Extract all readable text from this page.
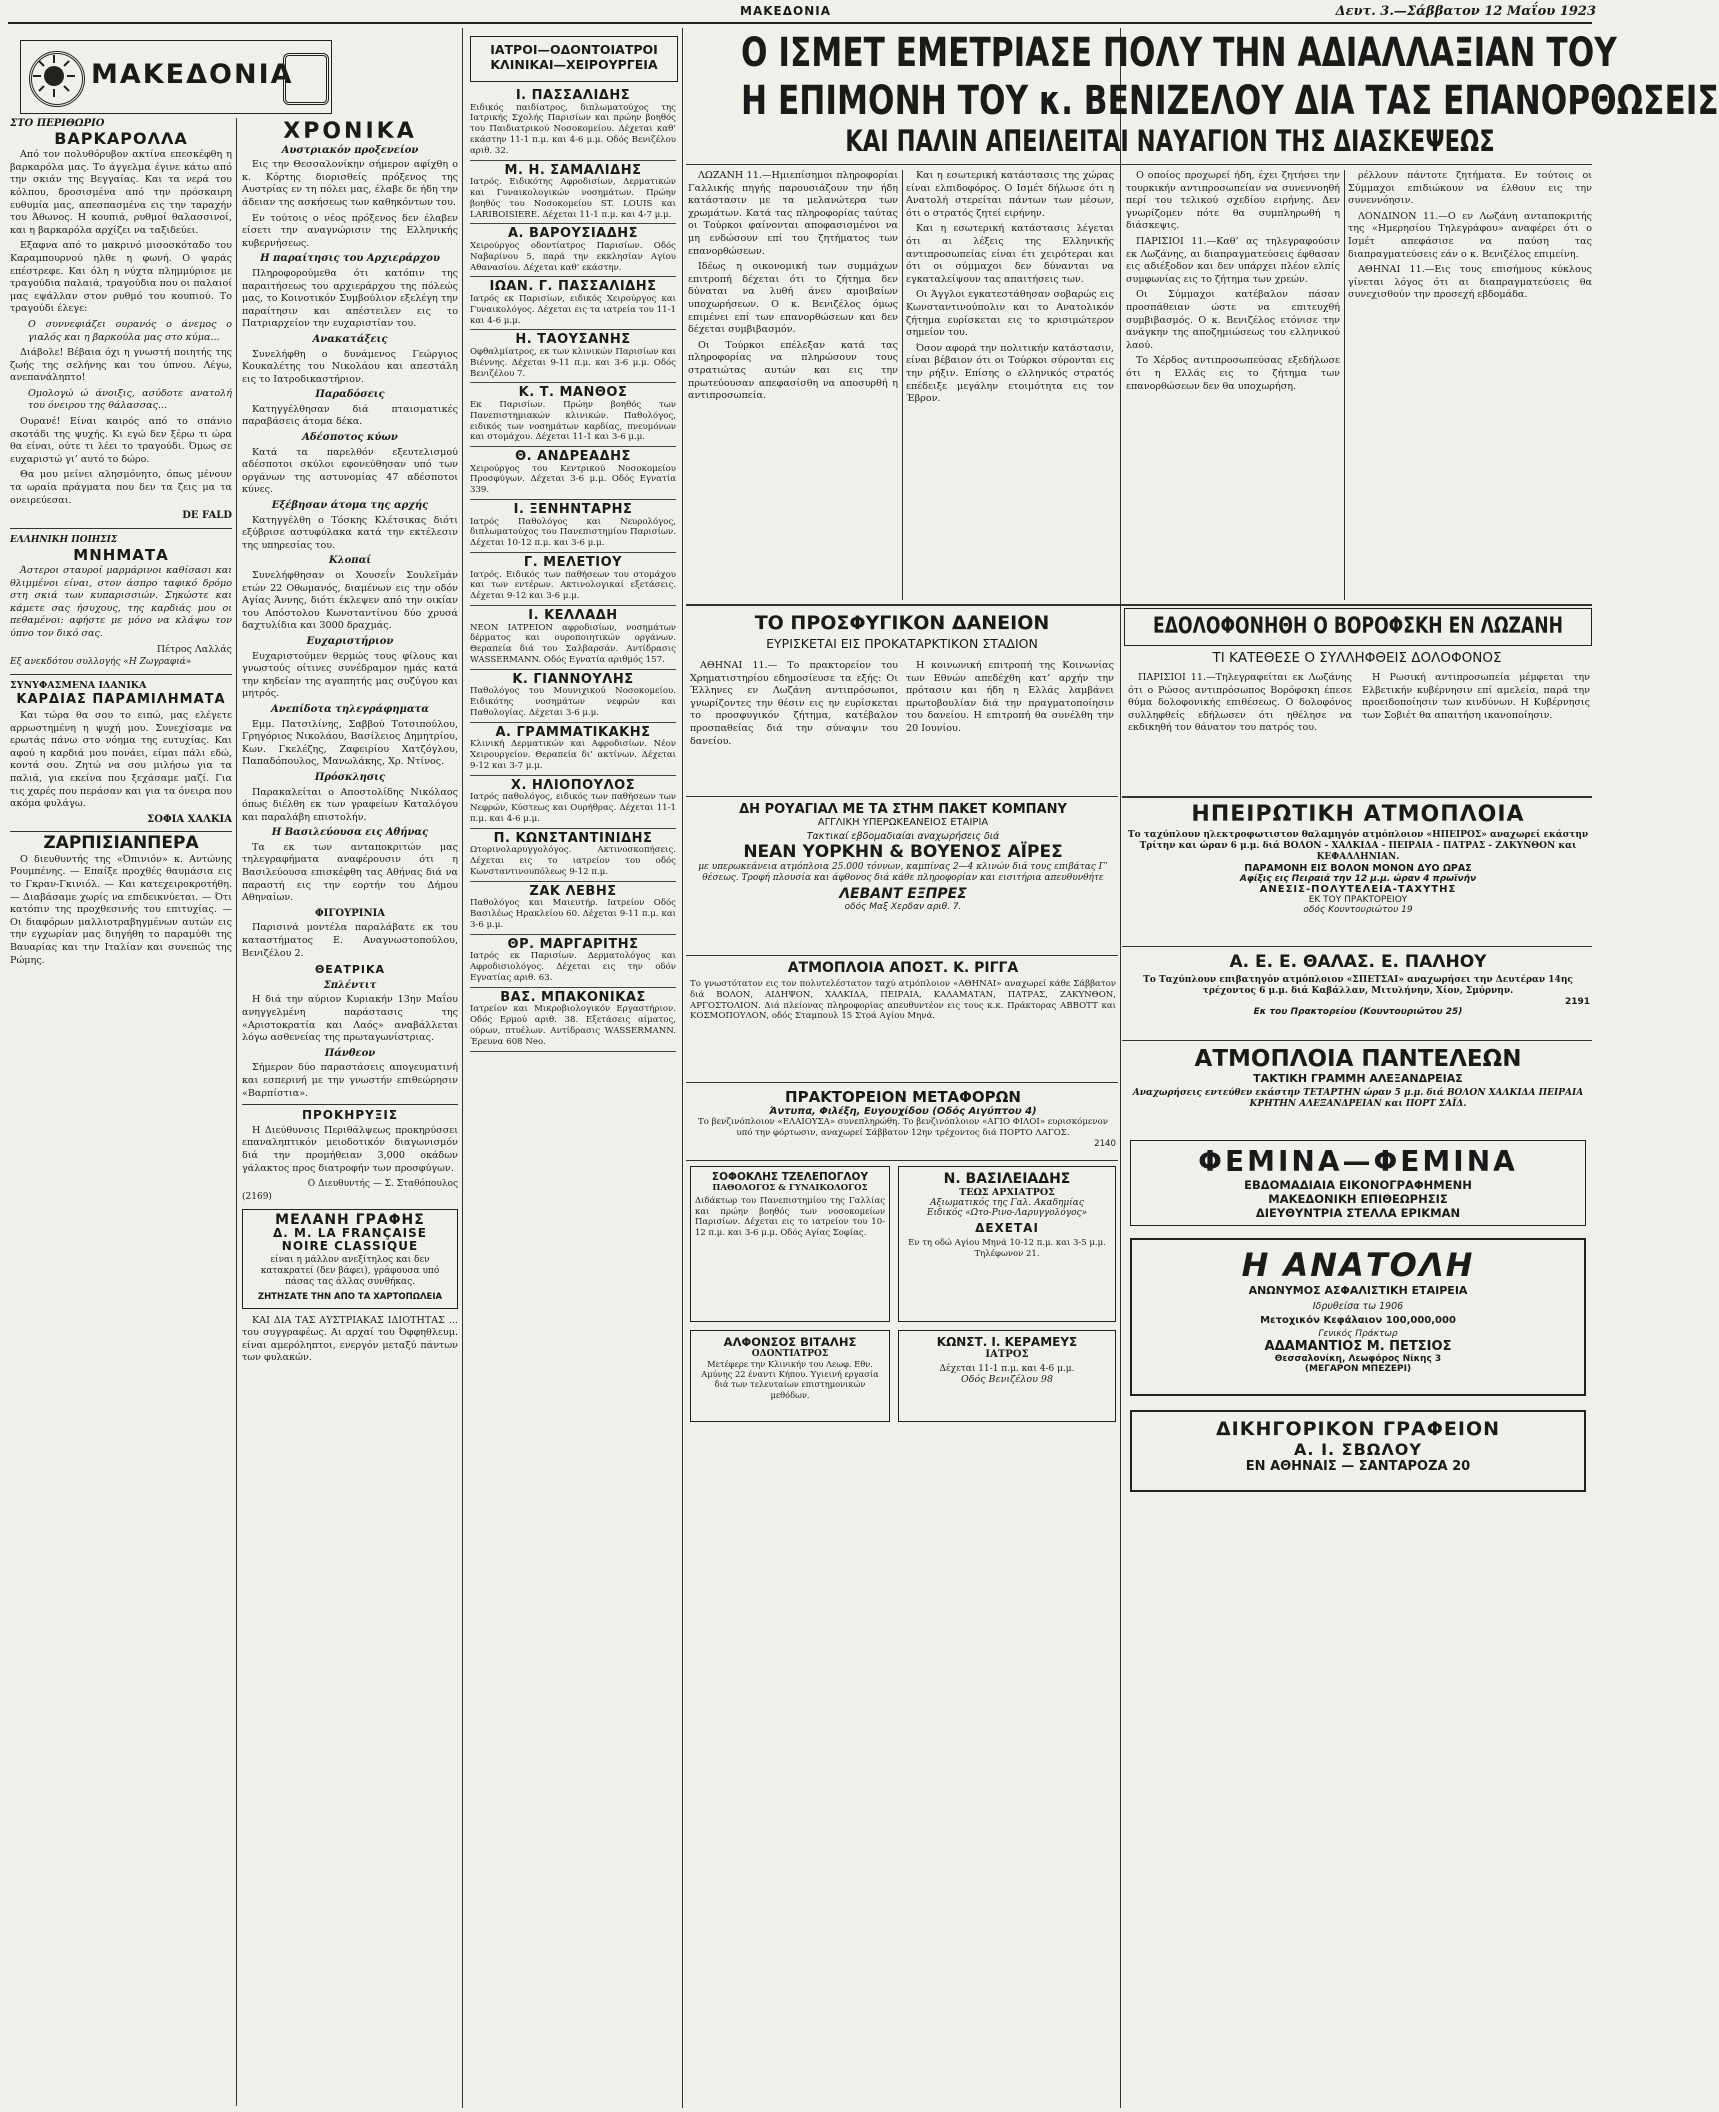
ΜΑΚΕΔΟΝΙΑ	Δευτ. 3.—Σάββατον 12 Μαΐου 1923
ΜΑΚΕΔΟΝΙΑ
ΣΤΟ ΠΕΡΙΘΩΡΙΟ
ΒΑΡΚΑΡΟΛΛΑ

Από τον πολυθόρυβον ακτίνα επεσκέφθη η βαρκαρόλα μας. Το άγγελμα έγινε κάτω από την σκιάν της Βεγγαίας. Και τα νερά του κόλπου, δροσισμένα από την πρόσκαιρη ευθυμία μας, απεσπασμένα εις την ταραχήν του Άθωνος. Η κουπιά, ρυθμοί θαλασσινοί, και η βαρκαρόλα αρχίζει να ταξιδεύει.

Εξαφνα από το μακρινό μισοσκόταδο του Καραμπουρνού ηλθε η φωνή. Ο ψαράς επέστρεφε. Και όλη η νύχτα πλημμύρισε με τραγούδια παλαιά, τραγούδια που οι παλαιοί μας εψάλλαν στον ρυθμό του κουπιού. Το τραγούδι έλεγε:

Ο συννεφιάζει ουρανός ο άνεμος ο γιαλός και η βαρκούλα μας στο κύμα...

Διάβολε! Βέβαια όχι η γνωστή ποιητής της ζωής της σελήνης και του ύπνου. Λέγω, ανεπανάληπτο!

Ομολογώ ώ άνοιξις, ασύδοτε ανατολή του όνειρου της θάλασσας...

Ουρανέ! Είναι καιρός από το σπάνιο σκοτάδι της ψυχής. Κι εγώ δεν ξέρω τι ώρα θα είναι, ούτε τι λέει το τραγούδι. Όμως σε ευχαριστώ γι’ αυτό το δώρο.

Θα μου μείνει αλησμόνητο, όπως μένουν τα ωραία πράγματα που δεν τα ζεις μα τα ονειρεύεσαι.

DE FALD
ΕΛΛΗΝΙΚΗ ΠΟΙΗΣΙΣ
ΜΝΗΜΑΤΑ

Άστεροι σταυροί μαρμάρινοι καθίσασι και θλιμμένοι είναι, στον άσπρο ταφικό δρόμο στη σκιά των κυπαρισσιών. Σηκώστε και κάμετε σας ήσυχους, της καρδιάς μου οι πεθαμένοι: αφήστε με μόνο να κλάψω τον ύπνο τον δικό σας.

Πέτρος Λαλλάς
Εξ ανεκδότου συλλογής «Η Ζωγραφιά»
ΣΥΝΥΦΑΣΜΕΝΑ ΙΔΑΝΙΚΑ
ΚΑΡΔΙΑΣ ΠΑΡΑΜΙΛΗΜΑΤΑ

Και τώρα θα σου το ειπώ, μας ελέγετε αρρωστημένη η ψυχή μου. Συνεχίσαμε να ερωτάς πάνω στο νόημα της ευτυχίας. Και αφού η καρδιά μου πονάει, είμαι πάλι εδώ, κοντά σου. Ζητώ να σου μιλήσω για τα παλιά, για εκείνα που ξεχάσαμε μαζί. Για τις χαρές που περάσαν και για τα όνειρα που ακόμα φυλάγω.

ΣΟΦΙΑ ΧΑΛΚΙΑ
ΖΑΡΠΙΣΙΑΝΠΕΡΑ

Ο διευθυντής της «Όπινιόν» κ. Αντώνης Ρουμπένης. — Επαίξε προχθές θαυμάσια εις το Γκραν-Γκινιόλ. — Και κατεχειροκροτήθη. — Διαβάσαμε χωρίς να επιδεικνύεται. — Ότι κατόπιν της προχθεσινής του επιτυχίας. — Οι διαφόρων μαλλιοτραβηγμένων αυτών εις την εγχωρίαν μας διηγήθη το παραμύθι της Βαυαρίας και την Ιταλίαν και συνεπώς της Ρώμης.

ΧΡΟΝΙΚΑ
Αυστριακόν προξενείον

Εις την Θεσσαλονίκην σήμερον αφίχθη ο κ. Κόρτης διορισθείς πρόξενος της Αυστρίας εν τη πόλει μας, έλαβε δε ήδη την άδειαν της ασκήσεως των καθηκόντων του.

Εν τούτοις ο νέος πρόξενος δεν έλαβεν είσετι την αναγνώρισιν της Ελληνικής κυβερνήσεως.

Η παραίτησις του Αρχιεράρχου

Πληροφορούμεθα ότι κατόπιν της παραιτήσεως του αρχιεράρχου της πόλεώς μας, το Κοινοτικόν Συμβούλιον εξελέγη την παραίτησιν και απέστειλεν εις το Πατριαρχείον την ευχαριστίαν του.

Ανακατάξεις

Συνελήφθη ο δυνάμενος Γεώργιος Κουκαλέτης του Νικολάου και απεστάλη εις το Ιατροδικαστήριον.

Παραδόσεις

Κατηγγέλθησαν διά πταισματικές παραβάσεις άτομα δέκα.

Αδέσποτος κύων

Κατά τα παρελθόν εξευτελισμού αδέσποτοι σκύλοι εφονεύθησαν υπό των οργάνων της αστυνομίας 47 αδέσποτοι κύνες.

Εξέβησαν άτομα της αρχής

Κατηγγέλθη ο Τόσκης Κλέτσικας διότι εξύβρισε αστυφύλακα κατά την εκτέλεσιν της υπηρεσίας του.

Κλοπαί

Συνελήφθησαν οι Χουσεΐν Σουλεϊμάν ετών 22 Οθωμανός, διαμένων εις την οδόν Αγίας Άννης, διότι έκλεψεν από την οικίαν του Απόστολου Κωνσταντίνου δύο χρυσά δαχτυλίδια και 3000 δραχμάς.

Ευχαριστήριον

Ευχαριστούμεν θερμώς τους φίλους και γνωστούς οίτινες συνέδραμον ημάς κατά την κηδείαν της αγαπητής μας συζύγου και μητρός.

Ανεπίδοτα τηλεγράφηματα

Εμμ. Πατσιλίνης, Σαββού Τοτσιπούλου, Γρηγόριος Νικολάου, Βασίλειος Δημητρίου, Κων. Γκελέζης, Ζαφειρίου Χατζόγλου, Παπαδόπουλος, Μανωλάκης, Χρ. Ντίνος.

Πρόσκλησις

Παρακαλείται ο Αποστολίδης Νικόλαος όπως διέλθη εκ των γραφείων Καταλόγου και παραλάβη επιστολήν.

Η Βασιλεύουσα εις Αθήνας

Τα εκ των ανταποκριτών μας τηλεγραφήματα αναφέρουσιν ότι η Βασιλεύουσα επισκέφθη τας Αθήνας διά να παραστή εις την εορτήν του Δήμου Αθηναίων.

ΦΙΓΟΥΡΙΝΙΑ

Παρισινά μοντέλα παραλάβατε εκ του καταστήματος Ε. Αναγνωστοπούλου, Βενιζέλου 2.

ΘΕΑΤΡΙΚΑ
Σπλέντιτ

Η διά την αύριον Κυριακήν 13ην Μαΐου ανηγγελμένη παράστασις της «Αριστοκρατία και Λαός» αναβάλλεται λόγω ασθενείας της πρωταγωνίστριας.

Πάνθεον

Σήμερον δύο παραστάσεις απογευματινή και εσπερινή με την γνωστήν επιθεώρησιν «Βαρπίστια».

ΠΡΟΚΗΡΥΞΙΣ

Η Διεύθυνσις Περιθάλψεως προκηρύσσει επαναληπτικόν μειοδοτικόν διαγωνισμόν διά την προμήθειαν 3,000 οκάδων γάλακτος προς διατροφήν των προσφύγων.

Ο Διευθυντής — Σ. Σταθόπουλος
(2169)
ΜΕΛΑΝΗ ΓΡΑΦΗΣ
Δ. Μ. LA FRANÇAISE
NOIRE CLASSIQUE
είναι η μάλλον ανεξίτηλος και δεν κατακρατεί (δεν βάφει), γράφουσα υπό πάσας τας άλλας συνθήκας.
ΖΗΤΗΣΑΤΕ ΤΗΝ ΑΠΟ ΤΑ ΧΑΡΤΟΠΩΛΕΙΑ

ΚΑΙ ΔΙΑ ΤΑΣ ΑΥΣΤΡΙΑΚΑΣ ΙΔΙΟΤΗΤΑΣ ... του συγγραφέως. Αι αρχαί του Όφφηθλευμ. είναι αμερόληπτοι, ενεργόν μεταξύ πάντων των φυλακών.

ΙΑΤΡΟΙ—ΟΔΟΝΤΟΙΑΤΡΟΙ
ΚΛΙΝΙΚΑΙ—ΧΕΙΡΟΥΡΓΕΙΑ
Ι. ΠΑΣΣΑΛΙΔΗΣ
Ειδικός παιδίατρος, διπλωματούχος της Ιατρικής Σχολής Παρισίων και πρώην βοηθός του Παιδιατρικού Νοσοκομείου. Δέχεται καθ’ εκάστην 11-1 π.μ. και 4-6 μ.μ. Οδός Βενιζέλου αριθ. 32.
Μ. Η. ΣΑΜΑΛΙΔΗΣ
Ιατρός. Ειδικότης Αφροδισίων, Δερματικών και Γυναικολογικών νοσημάτων. Πρώην βοηθός του Νοσοκομείου ST. LOUIS και LARIBOISIERE. Δέχεται 11-1 π.μ. και 4-7 μ.μ.
Α. ΒΑΡΟΥΣΙΑΔΗΣ
Χειρούργος οδοντίατρος Παρισίων. Οδός Ναβαρίνου 5, παρά την εκκλησίαν Αγίου Αθανασίου. Δέχεται καθ’ εκάστην.
ΙΩΑΝ. Γ. ΠΑΣΣΑΛΙΔΗΣ
Ιατρός εκ Παρισίων, ειδικός Χειρούργος και Γυναικολόγος. Δέχεται εις τα ιατρεία του 11-1 και 4-6 μ.μ.
Η. ΤΑΟΥΣΑΝΗΣ
Οφθαλμίατρος, εκ των κλινικών Παρισίων και Βιέννης. Δέχεται 9-11 π.μ. και 3-6 μ.μ. Οδός Βενιζέλου 7.
Κ. Τ. ΜΑΝΘΟΣ
Εκ Παρισίων. Πρώην βοηθός των Πανεπιστημιακών κλινικών. Παθολόγος, ειδικός των νοσημάτων καρδίας, πνευμόνων και στομάχου. Δέχεται 11-1 και 3-6 μ.μ.
Θ. ΑΝΔΡΕΑΔΗΣ
Χειρούργος του Κεντρικού Νοσοκομείου Προσφύγων. Δέχεται 3-6 μ.μ. Οδός Εγνατία 339.
Ι. ΞΕΝΗΝΤΑΡΗΣ
Ιατρός Παθολόγος και Νευρολόγος, διπλωματούχος του Πανεπιστημίου Παρισίων. Δέχεται 10-12 π.μ. και 3-6 μ.μ.
Γ. ΜΕΛΕΤΙΟΥ
Ιατρός. Ειδικός των παθήσεων του στομάχου και των εντέρων. Ακτινολογικαί εξετάσεις. Δέχεται 9-12 και 3-6 μ.μ.
Ι. ΚΕΛΛΑΔΗ
ΝΕΟΝ ΙΑΤΡΕΙΟΝ αφροδισίων, νοσημάτων δέρματος και ουροποιητικών οργάνων. Θεραπεία διά του Σαλβαρσάν. Αντίδρασις WASSERMANN. Οδός Εγνατία αριθμός 157.
Κ. ΓΙΑΝΝΟΥΛΗΣ
Παθολόγος του Μουνιχικού Νοσοκομείου. Ειδικότης νοσημάτων νεφρών και Παθολογίας. Δέχεται 3-6 μ.μ.
Α. ΓΡΑΜΜΑΤΙΚΑΚΗΣ
Κλινική Δερματικών και Αφροδισίων. Νέον Χειρουργείον. Θεραπεία δι’ ακτίνων. Δέχεται 9-12 και 3-7 μ.μ.
Χ. ΗΛΙΟΠΟΥΛΟΣ
Ιατρός παθολόγος, ειδικός των παθήσεων των Νεφρών, Κύστεως και Ουρήθρας. Δέχεται 11-1 π.μ. και 4-6 μ.μ.
Π. ΚΩΝΣΤΑΝΤΙΝΙΔΗΣ
Ωτορινολαρυγγολόγος. Ακτινοσκοπήσεις. Δέχεται εις το ιατρείον του οδός Κωνσταντινουπόλεως 9-12 π.μ.
ΖΑΚ ΛΕΒΗΣ
Παθολόγος και Μαιευτήρ. Ιατρείον Οδός Βασιλέως Ηρακλείου 60. Δέχεται 9-11 π.μ. και 3-6 μ.μ.
ΘΡ. ΜΑΡΓΑΡΙΤΗΣ
Ιατρός εκ Παρισίων. Δερματολόγος και Αφροδισιολόγος. Δέχεται εις την οδόν Εγνατίας αριθ. 63.
ΒΑΣ. ΜΠΑΚΟΝΙΚΑΣ
Ιατρείον και Μικροβιολογικόν Εργαστήριον. Οδός Ερμού αριθ. 38. Εξετάσεις αίματος, ούρων, πτυέλων. Αντίδρασις WASSERMANN. Έρευνα 608 Neo.
Ο ΙΣΜΕΤ ΕΜΕΤΡΙΑΣΕ ΠΟΛΥ ΤΗΝ ΑΔΙΑΛΛΑΞΙΑΝ ΤΟΥ
Η ΕΠΙΜΟΝΗ ΤΟΥ κ. ΒΕΝΙΖΕΛΟΥ ΔΙΑ ΤΑΣ ΕΠΑΝΟΡΘΩΣΕΙΣ
ΚΑΙ ΠΑΛΙΝ ΑΠΕΙΛΕΙΤΑΙ ΝΑΥΑΓΙΟΝ ΤΗΣ ΔΙΑΣΚΕΨΕΩΣ

ΛΩΖΑΝΗ 11.—Ημιεπίσημοι πληροφορίαι Γαλλικής πηγής παρουσιάζουν την ήδη κατάστασιν με τα μελανώτερα των χρωμάτων. Κατά τας πληροφορίας ταύτας οι Τούρκοι φαίνονται αποφασισμένοι να μη ενδώσουν επί του ζητήματος των επανορθώσεων.

Ιδέως η οικονομική των συμμάχων επιτροπή δέχεται ότι το ζήτημα δεν δύναται να λυθή άνευ αμοιβαίων υποχωρήσεων. Ο κ. Βενιζέλος όμως επιμένει επί των επανορθώσεων και δεν δέχεται συμβιβασμόν.

Οι Τούρκοι επέλεξαν κατά τας πληροφορίας να πληρώσουν τους στρατιώτας αυτών και εις την πρωτεύουσαν απεφασίσθη να αποσυρθή η αντιπροσωπεία.

Και η εσωτερική κατάστασις της χώρας είναι ελπιδοφόρος. Ο Ισμέτ δήλωσε ότι η Ανατολή στερείται πάντων των μέσων, ότι ο στρατός ζητεί ειρήνην.

Και η εσωτερική κατάστασις λέγεται ότι αι λέξεις της Ελληνικής αντιπροσωπείας είναι έτι χειρότεραι και ότι οι σύμμαχοι δεν δύνανται να εγκαταλείψουν τας απαιτήσεις των.

Οι Άγγλοι εγκατεστάθησαν σοβαρώς εις Κωνσταντινούπολιν και το Ανατολικόν ζήτημα ευρίσκεται εις το κρισιμώτερον σημείον του.

Όσον αφορά την πολιτικήν κατάστασιν, είναι βέβαιον ότι οι Τούρκοι σύρονται εις την ρήξιν. Επίσης ο ελληνικός στρατός επέδειξε μεγάλην ετοιμότητα εις τον Έβρον.

Ο οποίος προχωρεί ήδη, έχει ζητήσει την τουρκικήν αντιπροσωπείαν να συνεννοηθή περί του τελικού σχεδίου ειρήνης. Δεν γνωρίζομεν πότε θα συμπληρωθή η διάσκεψις.

ΠΑΡΙΣΙΟΙ 11.—Καθ’ ας τηλεγραφούσιν εκ Λωζάνης, αι διαπραγματεύσεις έφθασαν εις αδιέξοδον και δεν υπάρχει πλέον ελπίς συμφωνίας εις το ζήτημα των χρεών.

Οι Σύμμαχοι κατέβαλον πάσαν προσπάθειαν ώστε να επιτευχθή συμβιβασμός. Ο κ. Βενιζέλος ετόνισε την ανάγκην της αποζημιώσεως του ελληνικού λαού.

Το Χέρδος αντιπροσωπεύσας εξεδήλωσε ότι η Ελλάς εις το ζήτημα των επανορθώσεων δεν θα υποχωρήση.

ρέλλουν πάντοτε ζητήματα. Εν τούτοις οι Σύμμαχοι επιδιώκουν να έλθουν εις την συνεννόησιν.

ΛΟΝΔΙΝΟΝ 11.—Ο εν Λωζάνη ανταποκριτής της «Ημερησίου Τηλεγράφου» αναφέρει ότι ο Ισμέτ απεφάσισε να παύση τας διαπραγματεύσεις εάν ο κ. Βενιζέλος επιμείνη.

ΑΘΗΝΑΙ 11.—Εις τους επισήμους κύκλους γίνεται λόγος ότι αι διαπραγματεύσεις θα συνεχισθούν την προσεχή εβδομάδα.

ΤΟ ΠΡΟΣΦΥΓΙΚΟΝ ΔΑΝΕΙΟΝ
ΕΥΡΙΣΚΕΤΑΙ ΕΙΣ ΠΡΟΚΑΤΑΡΚΤΙΚΟΝ ΣΤΑΔΙΟΝ

ΑΘΗΝΑΙ 11.— Το πρακτορείον του Χρηματιστηρίου εδημοσίευσε τα εξής: Οι Έλληνες εν Λωζάνη αντιπρόσωποι, γνωρίζοντες την θέσιν εις ην ευρίσκεται το προσφυγικόν ζήτημα, κατέβαλον προσπαθείας διά την σύναψιν του δανείου.

Η κοινωνική επιτροπή της Κοινωνίας των Εθνών απεδέχθη κατ’ αρχήν την πρότασιν και ήδη η Ελλάς λαμβάνει πρωτοβουλίαν διά την πραγματοποίησιν του δανείου. Η επιτροπή θα συνέλθη την 20 Ιουνίου.

ΔΗ ΡΟΥΑΓΙΑΛ ΜΕ ΤΑ ΣΤΗΜ ΠΑΚΕΤ ΚΟΜΠΑΝΥ
ΑΓΓΛΙΚΗ ΥΠΕΡΩΚΕΑΝΕΙΟΣ ΕΤΑΙΡΙΑ
Τακτικαί εβδομαδιαίαι αναχωρήσεις διά
ΝΕΑΝ ΥΟΡΚΗΝ & ΒΟΥΕΝΟΣ ΑΪΡΕΣ
με υπερωκεάνεια ατμόπλοια 25.000 τόννων, καμπίνας 2—4 κλινών διά τους επιβάτας Γ’ θέσεως. Τροφή πλουσία και άφθονος διά κάθε πληροφορίαν και εισιτήρια απευθυνθήτε
ΛΕΒΑΝΤ ΕΞΠΡΕΣ
οδός Μαξ Χερδαν αριθ. 7.
ΑΤΜΟΠΛΟΙΑ ΑΠΟΣΤ. Κ. ΡΙΓΓΑ
Το γνωστότατον εις τον πολυτελέστατον ταχύ ατμόπλοιον «ΑΘΗΝΑΙ» αναχωρεί κάθε Σάββατον διά ΒΟΛΟΝ, ΑΙΔΗΨΟΝ, ΧΑΛΚΙΔΑ, ΠΕΙΡΑΙΑ, ΚΑΛΑΜΑΤΑΝ, ΠΑΤΡΑΣ, ΖΑΚΥΝΘΟΝ, ΑΡΓΟΣΤΟΛΙΟΝ. Διά πλείονας πληροφορίας απευθυντέον εις τους κ.κ. Πράκτορας ABBOTT και ΚΟΣΜΟΠΟΥΛΟΝ, οδός Σταμπουλ 15 Στοά Αγίου Μηνά.
ΠΡΑΚΤΟΡΕΙΟΝ ΜΕΤΑΦΟΡΩΝ
Άντυπα, Φιλέξη, Ευγουχίδου (Οδός Αιγύπτου 4)
Το βενζινόπλοιον «ΕΛΑΙΟΥΣΑ» συνεπληρώθη. Το βενζινόπλοιον «ΑΓΙΟ ΦΙΛΟΙ» ευρισκόμενον υπό την φόρτωσιν, αναχωρεί Σάββατον 12ην τρέχοντος διά ΠΟΡΤΟ ΛΑΓΟΣ.
2140
ΣΟΦΟΚΛΗΣ ΤΖΕΛΕΠΟΓΛΟΥ
ΠΑΘΟΛΟΓΟΣ & ΓΥΝΑΙΚΟΛΟΓΟΣ
Διδάκτωρ του Πανεπιστημίου της Γαλλίας και πρώην βοηθός των νοσοκομείων Παρισίων. Δέχεται εις το ιατρείον του 10-12 π.μ. και 3-6 μ.μ. Οδός Αγίας Σοφίας.
Ν. ΒΑΣΙΛΕΙΑΔΗΣ
ΤΕΩΣ ΑΡΧΙΑΤΡΟΣ
Αξιωματικός της Γαλ. Ακαδημίας
Ειδικός «Ωτο-Ρινο-Λαρυγγολόγος»
ΔΕΧΕΤΑΙ
Εν τη οδώ Αγίου Μηνά 10-12 π.μ. και 3-5 μ.μ. Τηλέφωνον 21.
ΑΛΦΟΝΣΟΣ ΒΙΤΑΛΗΣ
ΟΔΟΝΤΙΑΤΡΟΣ
Μετέφερε την Κλινικήν του Λεωφ. Εθν. Αμύνης 22 έναντι Κήπου. Υγιεινή εργασία διά των τελευταίων επιστημονικών μεθόδων.
ΚΩΝΣΤ. Ι. ΚΕΡΑΜΕΥΣ
ΙΑΤΡΟΣ
Δέχεται 11-1 π.μ. και 4-6 μ.μ.
Οδός Βενιζέλου 98
ΕΔΟΛΟΦΟΝΗΘΗ Ο ΒΟΡΟΦΣΚΗ ΕΝ ΛΩΖΑΝΗ
ΤΙ ΚΑΤΕΘΕΣΕ Ο ΣΥΛΛΗΦΘΕΙΣ ΔΟΛΟΦΟΝΟΣ

ΠΑΡΙΣΙΟΙ 11.—Τηλεγραφείται εκ Λωζάνης ότι ο Ρώσος αντιπρόσωπος Βορόφσκη έπεσε θύμα δολοφονικής επιθέσεως. Ο δολοφόνος συλληφθείς εδήλωσεν ότι ηθέλησε να εκδικηθή τον θάνατον του πατρός του.

Η Ρωσική αντιπροσωπεία μέμφεται την Ελβετικήν κυβέρνησιν επί αμελεία, παρά την προειδοποίησιν των κινδύνων. Η Κυβέρνησις των Σοβιέτ θα απαιτήση ικανοποίησιν.

ΗΠΕΙΡΩΤΙΚΗ ΑΤΜΟΠΛΟΙΑ
Το ταχύπλουν ηλεκτροφωτιστον θαλαμηγόν ατμόπλοιον «ΗΠΕΙΡΟΣ» αναχωρεί εκάστην Τρίτην και ώραν 6 μ.μ. διά ΒΟΛΟΝ - ΧΑΛΚΙΔΑ - ΠΕΙΡΑΙΑ - ΠΑΤΡΑΣ - ΖΑΚΥΝΘΟΝ και ΚΕΦΑΛΛΗΝΙΑΝ.
ΠΑΡΑΜΟΝΗ ΕΙΣ ΒΟΛΟΝ ΜΟΝΟΝ ΔΥΟ ΩΡΑΣ
Αφίξις εις Πειραιά την 12 μ.μ. ώραν 4 πρωϊνήν
ΑΝΕΣΙΣ-ΠΟΛΥΤΕΛΕΙΑ-ΤΑΧΥΤΗΣ
ΕΚ ΤΟΥ ΠΡΑΚΤΟΡΕΙΟΥ
οδός Κουντουριώτου 19
Α. Ε. Ε. ΘΑΛΑΣ. Ε. ΠΑΛΗΟΥ
Το Ταχύπλουν επιβατηγόν ατμόπλοιον «ΣΠΕΤΣΑΙ» αναχωρήσει την Δευτέραν 14ης τρέχοντος 6 μ.μ. διά Καβάλλαν, Μιτυλήνην, Χίον, Σμύρνην.
2191
Εκ του Πρακτορείου (Κουντουριώτου 25)
ΑΤΜΟΠΛΟΙΑ ΠΑΝΤΕΛΕΩΝ
ΤΑΚΤΙΚΗ ΓΡΑΜΜΗ ΑΛΕΞΑΝΔΡΕΙΑΣ
Αναχωρήσεις εντεύθεν εκάστην ΤΕΤΑΡΤΗΝ ώραν 5 μ.μ. διά ΒΟΛΟΝ ΧΑΛΚΙΔΑ ΠΕΙΡΑΙΑ ΚΡΗΤΗΝ ΑΛΕΞΑΝΔΡΕΙΑΝ και ΠΟΡΤ ΣΑΪΔ.
ΦΕΜΙΝΑ—ΦΕΜΙΝΑ
ΕΒΔΟΜΑΔΙΑΙΑ ΕΙΚΟΝΟΓΡΑΦΗΜΕΝΗ
ΜΑΚΕΔΟΝΙΚΗ ΕΠΙΘΕΩΡΗΣΙΣ
ΔΙΕΥΘΥΝΤΡΙΑ ΣΤΕΛΛΑ ΕΡΙΚΜΑΝ
Η ΑΝΑΤΟΛΗ
ΑΝΩΝΥΜΟΣ ΑΣΦΑΛΙΣΤΙΚΗ ΕΤΑΙΡΕΙΑ
Ιδρυθείσα τω 1906
Μετοχικόν Κεφάλαιον 100,000,000
Γενικός Πράκτωρ
ΑΔΑΜΑΝΤΙΟΣ Μ. ΠΕΤΣΙΟΣ
Θεσσαλονίκη, Λεωφόρος Νίκης 3
(ΜΕΓΑΡΟΝ ΜΠΕΖΕΡΙ)
ΔΙΚΗΓΟΡΙΚΟΝ ΓΡΑΦΕΙΟΝ
Α. Ι. ΣΒΩΛΟΥ
ΕΝ ΑΘΗΝΑΙΣ — ΣΑΝΤΑΡΟΖΑ 20
